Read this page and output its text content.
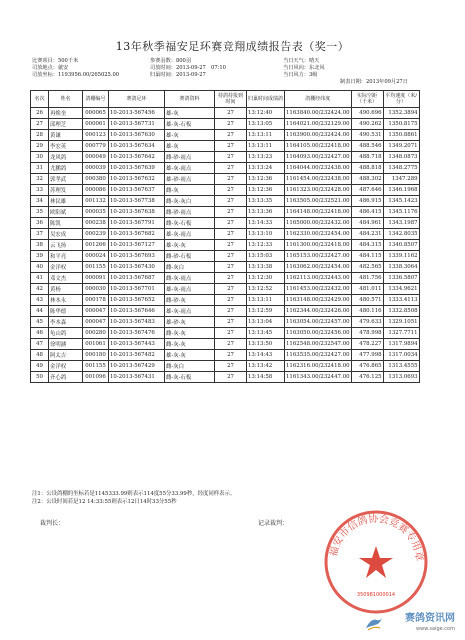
13年秋季福安足环赛竞翔成绩报告表（奖一）
比赛项目：500千米
司放地点：歙安
司放坐标：1193956.00/265025.00
参赛羽数：800羽
司放时间：2013-09-27　07:10
归巢时间：2013-09-27
当日天气：晴天
当日风向：东北风
当日风力：3级
制表日期：2013年09月27日
名次	姓名	鸽棚编号	赛鸽足环	赛鸽资料	持鸽持报到时间	归巢时间成绩鸽	鸽棚经纬度	实际空距（千米）	平均速度（米/分）
26	再焕奎	000065	10-2013-567456	雄-灰	27	13:12:40	1163840.00/232424.00	490.696	1352.3894
27	邱理芝	000061	10-2013-567731	雄-灰-石板	27	13:13:05	1164021.00/232129.00	490.262	1350.8175
28	黄谦	000123	10-2013-567630	雄-灰	27	13:13:11	1163900.00/232424.00	490.531	1350.8861
29	李宏英	000779	10-2013-567634	雄-灰	27	13:13:11	1164105.00/232418.00	488.546	1349.2071
30	龙风鸽	000049	10-2013-567642	雌-砂-雨点	27	13:13:23	1164093.00/232427.00	488.718	1348.0873
31	尤鹏鸽	000039	10-2013-567639	雄-灰-雨点	27	13:13:24	1164044.00/232438.00	488.818	1348.2775
32	郭孝武	000380	10-2013-567632	雄-砂-雨点	27	13:12:36	1161454.00/232438.00	488.302	1347.289
33	苏理发	000086	10-2013-567637	雌-灰	27	13:12:36	1161323.00/232428.00	487.646	1346.1968
34	林民雄	001132	10-2013-567738	雌-灰-灰白	27	13:13:35	1163505.00/232521.00	486.915	1345.1423
35	欧阳斌	000035	10-2013-567638	雌-砂-雨点	27	13:13:36	1164148.00/232418.00	486.415	1345.1176
36	陈凯	000238	10-2013-567791	雌-灰-石板	27	13:14:33	1165000.00/232432.00	484.961	1343.1987
37	吴宏成	000239	10-2013-567682	雄-灰-雨点	27	13:13:10	1162330.00/232454.00	484.231	1342.8035
38	云飞扬	001266	10-2013-567127	雄-灰-灰	27	13:12:33	1161300.00/232418.00	484.315	1340.8507
39	和平亮	000024	10-2013-567693	雌-砂-石板	27	13:15:03	1165153.00/232427.00	484.115	1339.1162
40	金洋权	001155	10-2013-567430	雌-灰白	27	13:13:38	1163062.00/232454.00	482.565	1338.3064
41	邓文杰	000091	10-2013-567687	雌-灰-雨点	27	13:12:30	1162113.00/232443.00	481.756	1336.5807
42	黄杨	000030	10-2013-567701	雄-灰-雨点	27	13:12:52	1161453.00/232432.00	481.011	1334.9621
43	林本永	000178	10-2013-567652	雌-砂-灰	27	13:13:11	1163148.00/232429.00	480.571	1333.4113
44	陈华德	000047	10-2013-567646	雄-灰-雨点	27	13:12:59	1162344.00/232426.00	480.116	1332.8508
45	李本森	000047	10-2013-567483	雄-砂-灰	27	13:13:04	1163054.00/232457.00	479.633	1329.1051
46	龟山鸽	000280	10-2013-567476	雌-灰-灰	27	13:13:45	1163050.00/232456.00	478.998	1327.7711
47	徐明涵	001061	10-2013-567443	雌-灰-灰	27	13:13:50	1162548.00/232547.00	478.227	1317.9894
48	阿太吉	000180	10-2013-567482	雄-灰-灰	27	13:14:43	1163535.00/232427.00	477.998	1317.0034
49	金洋权	001155	10-2013-567429	雌-灰白	27	13:13:42	1162316.00/232418.00	476.865	1313.4555
50	齐心鸽	001096	10-2013-567431	雌-灰-石板	27	13:14:58	1161343.00/232447.00	476.125	1313.0693
注1：公设鸽棚的坐标若是1145333.99则表示114度55分33.99秒，经度同样表示。
注2：公设时间若是12 14:33:55则表示12日14时33分55秒
裁判长：	记录裁判：
福安市信鸽协会竞赛专用章
350981000014
赛鸽资讯网
www.saige.com
